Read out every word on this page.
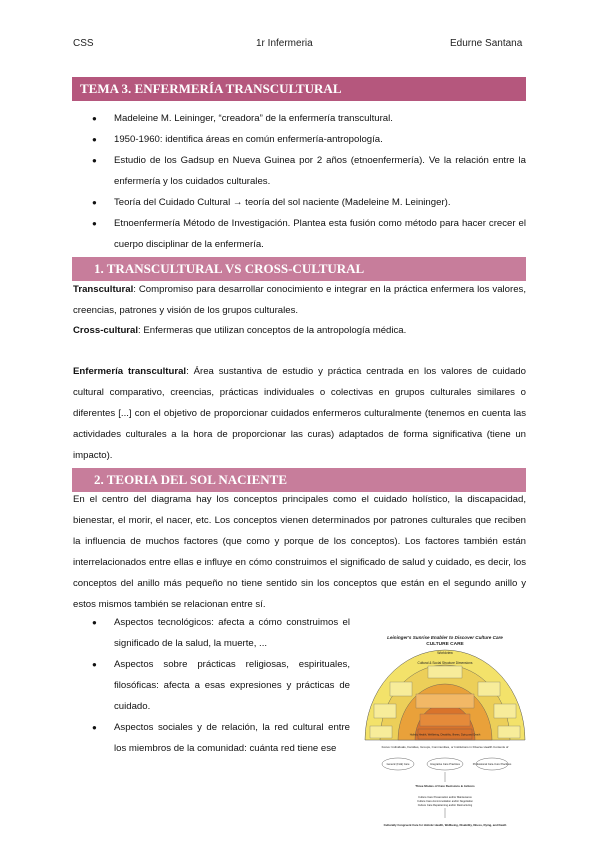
CSS	1r Infermeria	Edurne Santana
TEMA 3. ENFERMERÍA TRANSCULTURAL
● Madeleine M. Leininger, “creadora” de la enfermería transcultural.
● 1950-1960: identifica áreas en común enfermería-antropología.
● Estudio de los Gadsup en Nueva Guinea por 2 años (etnoenfermería). Ve la relación entre la enfermería y los cuidados culturales.
● Teoría del Cuidado Cultural → teoría del sol naciente (Madeleine M. Leininger).
● Etnoenfermería Método de Investigación. Plantea esta fusión como método para hacer crecer el cuerpo disciplinar de la enfermería.
1. TRANSCULTURAL VS CROSS-CULTURAL
Transcultural: Compromiso para desarrollar conocimiento e integrar en la práctica enfermera los valores, creencias, patrones y visión de los grupos culturales.
Cross-cultural: Enfermeras que utilizan conceptos de la antropología médica.
Enfermería transcultural: Área sustantiva de estudio y práctica centrada en los valores de cuidado cultural comparativo, creencias, prácticas individuales o colectivas en grupos culturales similares o diferentes [...] con el objetivo de proporcionar cuidados enfermeros culturalmente (tenemos en cuenta las actividades culturales a la hora de proporcionar las curas) adaptados de forma significativa (tiene un impacto).
2. TEORIA DEL SOL NACIENTE
En el centro del diagrama hay los conceptos principales como el cuidado holístico, la discapacidad, bienestar, el morir, el nacer, etc. Los conceptos vienen determinados por patrones culturales que reciben la influencia de muchos factores (que como y porque de los conceptos). Los factores también están interrelacionados entre ellas e influye en cómo construimos el significado de salud y cuidado, es decir, los conceptos del anillo más pequeño no tiene sentido sin los conceptos que están en el segundo anillo y estos mismos también se relacionan entre sí.
● Aspectos tecnológicos: afecta a cómo construimos el significado de la salud, la muerte, ...
● Aspectos sobre prácticas religiosas, espirituales, filosóficas: afecta a esas expresiones y prácticas de cuidado.
● Aspectos sociales y de relación, la red cultural entre los miembros de la comunidad: cuánta red tiene ese
Leininger's Sunrise Enabler to Discover Culture Care
CULTURE CARE
Worldview
Cultural & Social Structure Dimensions
Holistic Health, Wellbeing, Disability, Illness, Dying and Death
Focus: Individuals, Families, Groups, Communities, or Institutions in Diverse Health Contexts of
Generic (Folk) Care	Integrative Care Practices	Professional Care-Cure Practices
Three Modes of Care Decisions & Actions
Culture Care Preservation and/or Maintenance
Culture Care Accommodation and/or Negotiation
Culture Care Repatterning and/or Restructuring
Culturally Congruent Care for Holistic Health, Wellbeing, Disability, Illness, Dying, and Death
